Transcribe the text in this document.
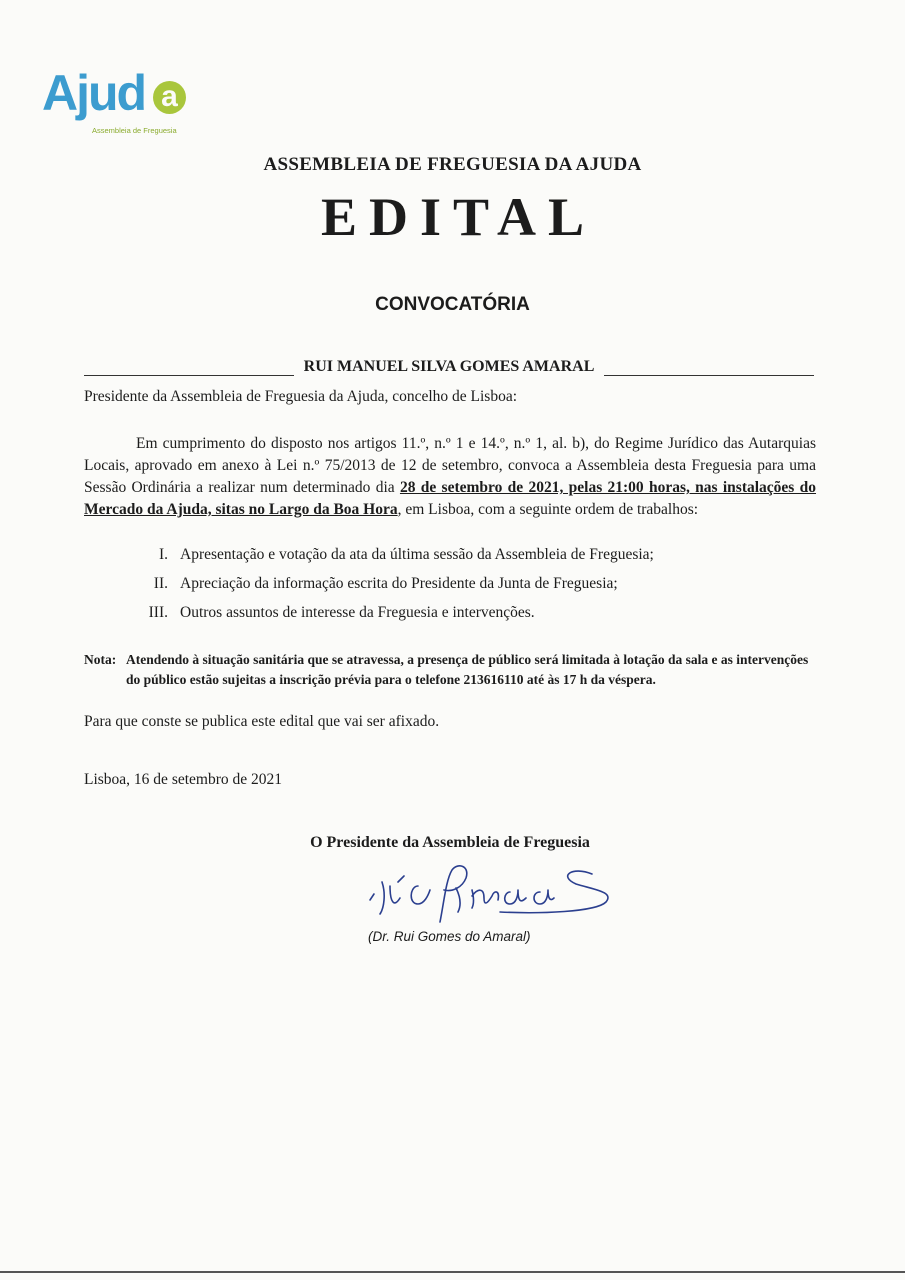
Ajud a
Assembleia de Freguesia
ASSEMBLEIA DE FREGUESIA DA AJUDA
EDITAL
CONVOCATÓRIA
RUI MANUEL SILVA GOMES AMARAL
Presidente da Assembleia de Freguesia da Ajuda, concelho de Lisboa:
Em cumprimento do disposto nos artigos 11.º, n.º 1 e 14.º, n.º 1, al. b), do Regime Jurídico das Autarquias Locais, aprovado em anexo à Lei n.º 75/2013 de 12 de setembro, convoca a Assembleia desta Freguesia para uma Sessão Ordinária a realizar num determinado dia 28 de setembro de 2021, pelas 21:00 horas, nas instalações do Mercado da Ajuda, sitas no Largo da Boa Hora, em Lisboa, com a seguinte ordem de trabalhos:
I. Apresentação e votação da ata da última sessão da Assembleia de Freguesia;
II. Apreciação da informação escrita do Presidente da Junta de Freguesia;
III. Outros assuntos de interesse da Freguesia e intervenções.
Nota: Atendendo à situação sanitária que se atravessa, a presença de público será limitada à lotação da sala e as intervenções do público estão sujeitas a inscrição prévia para o telefone 213616110 até às 17 h da véspera.
Para que conste se publica este edital que vai ser afixado.
Lisboa, 16 de setembro de 2021
O Presidente da Assembleia de Freguesia
(Dr. Rui Gomes do Amaral)
